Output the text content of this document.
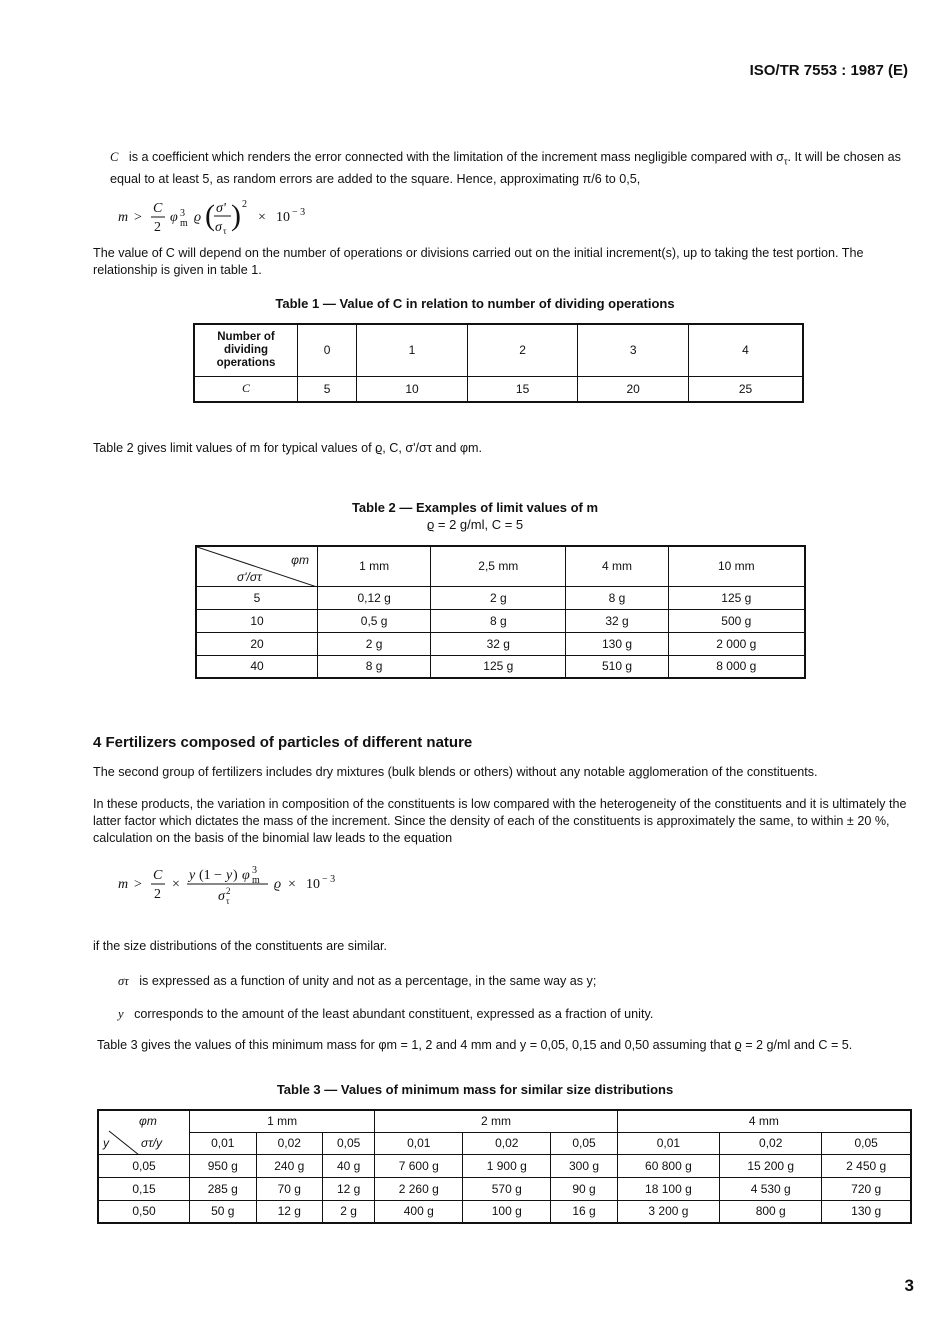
ISO/TR 7553 : 1987 (E)
C is a coefficient which renders the error connected with the limitation of the increment mass negligible compared with $\sigma_\tau$. It will be chosen as equal to at least 5, as random errors are added to the square. Hence, approximating π/6 to 0,5,
m >
C
2
φ 3
m ϱ ( σ'
σ τ ) 2
× 10 − 3
The value of C will depend on the number of operations or divisions carried out on the initial increment(s), up to taking the test portion. The relationship is given in table 1.
Table 1 — Value of C in relation to number of dividing operations
Number of dividing operations	0	1	2	3	4
C	5	10	15	20	25
Table 2 gives limit values of m for typical values of ϱ, C, σ'/στ and φm.
Table 2 — Examples of limit values of m
ϱ = 2 g/ml, C = 5
φm
σ'/στ	1 mm	2,5 mm	4 mm	10 mm
5	0,12 g	2 g	8 g	125 g
10	0,5 g	8 g	32 g	500 g
20	2 g	32 g	130 g	2 000 g
40	8 g	125 g	510 g	8 000 g
4 Fertilizers composed of particles of different nature
The second group of fertilizers includes dry mixtures (bulk blends or others) without any notable agglomeration of the constituents.
In these products, the variation in composition of the constituents is low compared with the heterogeneity of the constituents and it is ultimately the latter factor which dictates the mass of the increment. Since the density of each of the constituents is approximately the same, to within ± 20 %, calculation on the basis of the binomial law leads to the equation
m >
C
2
×
y (1 − y ) φ 3
m
σ 2
τ
ϱ × 10 − 3
if the size distributions of the constituents are similar.
στ is expressed as a function of unity and not as a percentage, in the same way as y;
y corresponds to the amount of the least abundant constituent, expressed as a fraction of unity.
Table 3 gives the values of this minimum mass for φm = 1, 2 and 4 mm and y = 0,05, 0,15 and 0,50 assuming that ϱ = 2 g/ml and C = 5.
Table 3 — Values of minimum mass for similar size distributions
φm
στ/y
y	1 mm			2 mm			4 mm		
	0,01	0,02	0,05	0,01	0,02	0,05	0,01	0,02	0,05
0,05	950 g	240 g	40 g	7 600 g	1 900 g	300 g	60 800 g	15 200 g	2 450 g
0,15	285 g	70 g	12 g	2 260 g	570 g	90 g	18 100 g	4 530 g	720 g
0,50	50 g	12 g	2 g	400 g	100 g	16 g	3 200 g	800 g	130 g
3
